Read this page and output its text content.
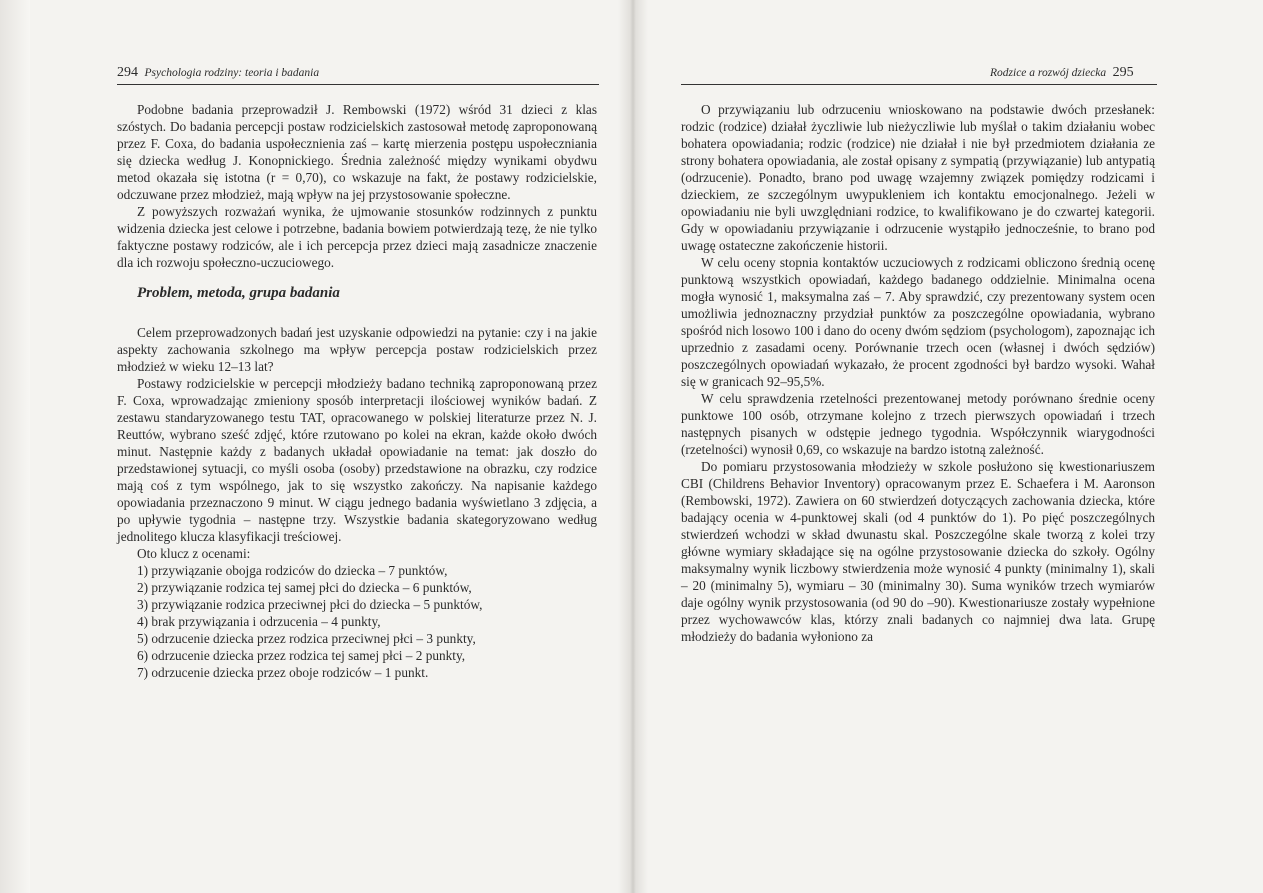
294 Psychologia rodziny: teoria i badania

Podobne badania przeprowadził J. Rembowski (1972) wśród 31 dzieci z klas szóstych. Do badania percepcji postaw rodzicielskich zastosował metodę zaproponowaną przez F. Coxa, do badania uspołecznienia zaś – kartę mierzenia postępu uspołeczniania się dziecka według J. Konopnickiego. Średnia zależność między wynikami obydwu metod okazała się istotna (r = 0,70), co wskazuje na fakt, że postawy rodzicielskie, odczuwane przez młodzież, mają wpływ na jej przystosowanie społeczne.

Z powyższych rozważań wynika, że ujmowanie stosunków rodzinnych z punktu widzenia dziecka jest celowe i potrzebne, badania bowiem potwierdzają tezę, że nie tylko faktyczne postawy rodziców, ale i ich percepcja przez dzieci mają zasadnicze znaczenie dla ich rozwoju społeczno-uczuciowego.

Problem, metoda, grupa badania

Celem przeprowadzonych badań jest uzyskanie odpowiedzi na pytanie: czy i na jakie aspekty zachowania szkolnego ma wpływ percepcja postaw rodzicielskich przez młodzież w wieku 12–13 lat?

Postawy rodzicielskie w percepcji młodzieży badano techniką zaproponowaną przez F. Coxa, wprowadzając zmieniony sposób interpretacji ilościowej wyników badań. Z zestawu standaryzowanego testu TAT, opracowanego w polskiej literaturze przez N. J. Reuttów, wybrano sześć zdjęć, które rzutowano po kolei na ekran, każde około dwóch minut. Następnie każdy z badanych układał opowiadanie na temat: jak doszło do przedstawionej sytuacji, co myśli osoba (osoby) przedstawione na obrazku, czy rodzice mają coś z tym wspólnego, jak to się wszystko zakończy. Na napisanie każdego opowiadania przeznaczono 9 minut. W ciągu jednego badania wyświetlano 3 zdjęcia, a po upływie tygodnia – następne trzy. Wszystkie badania skategoryzowano według jednolitego klucza klasyfikacji treściowej.

Oto klucz z ocenami:

1) przywiązanie obojga rodziców do dziecka – 7 punktów,
2) przywiązanie rodzica tej samej płci do dziecka – 6 punktów,
3) przywiązanie rodzica przeciwnej płci do dziecka – 5 punktów,
4) brak przywiązania i odrzucenia – 4 punkty,
5) odrzucenie dziecka przez rodzica przeciwnej płci – 3 punkty,
6) odrzucenie dziecka przez rodzica tej samej płci – 2 punkty,
7) odrzucenie dziecka przez oboje rodziców – 1 punkt.
Rodzice a rozwój dziecka 295

O przywiązaniu lub odrzuceniu wnioskowano na podstawie dwóch przesłanek: rodzic (rodzice) działał życzliwie lub nieżyczliwie lub myślał o takim działaniu wobec bohatera opowiadania; rodzic (rodzice) nie działał i nie był przedmiotem działania ze strony bohatera opowiadania, ale został opisany z sympatią (przywiązanie) lub antypatią (odrzucenie). Ponadto, brano pod uwagę wzajemny związek pomiędzy rodzicami i dzieckiem, ze szczególnym uwypukleniem ich kontaktu emocjonalnego. Jeżeli w opowiadaniu nie byli uwzględniani rodzice, to kwalifikowano je do czwartej kategorii. Gdy w opowiadaniu przywiązanie i odrzucenie wystąpiło jednocześnie, to brano pod uwagę ostateczne zakończenie historii.

W celu oceny stopnia kontaktów uczuciowych z rodzicami obliczono średnią ocenę punktową wszystkich opowiadań, każdego badanego oddzielnie. Minimalna ocena mogła wynosić 1, maksymalna zaś – 7. Aby sprawdzić, czy prezentowany system ocen umożliwia jednoznaczny przydział punktów za poszczególne opowiadania, wybrano spośród nich losowo 100 i dano do oceny dwóm sędziom (psychologom), zapoznając ich uprzednio z zasadami oceny. Porównanie trzech ocen (własnej i dwóch sędziów) poszczególnych opowiadań wykazało, że procent zgodności był bardzo wysoki. Wahał się w granicach 92–95,5%.

W celu sprawdzenia rzetelności prezentowanej metody porównano średnie oceny punktowe 100 osób, otrzymane kolejno z trzech pierwszych opowiadań i trzech następnych pisanych w odstępie jednego tygodnia. Współczynnik wiarygodności (rzetelności) wynosił 0,69, co wskazuje na bardzo istotną zależność.

Do pomiaru przystosowania młodzieży w szkole posłużono się kwestionariuszem CBI (Childrens Behavior Inventory) opracowanym przez E. Schaefera i M. Aaronson (Rembowski, 1972). Zawiera on 60 stwierdzeń dotyczących zachowania dziecka, które badający ocenia w 4-punktowej skali (od 4 punktów do 1). Po pięć poszczególnych stwierdzeń wchodzi w skład dwunastu skal. Poszczególne skale tworzą z kolei trzy główne wymiary składające się na ogólne przystosowanie dziecka do szkoły. Ogólny maksymalny wynik liczbowy stwierdzenia może wynosić 4 punkty (minimalny 1), skali – 20 (minimalny 5), wymiaru – 30 (minimalny 30). Suma wyników trzech wymiarów daje ogólny wynik przystosowania (od 90 do –90). Kwestionariusze zostały wypełnione przez wychowawców klas, którzy znali badanych co najmniej dwa lata. Grupę młodzieży do badania wyłoniono za
